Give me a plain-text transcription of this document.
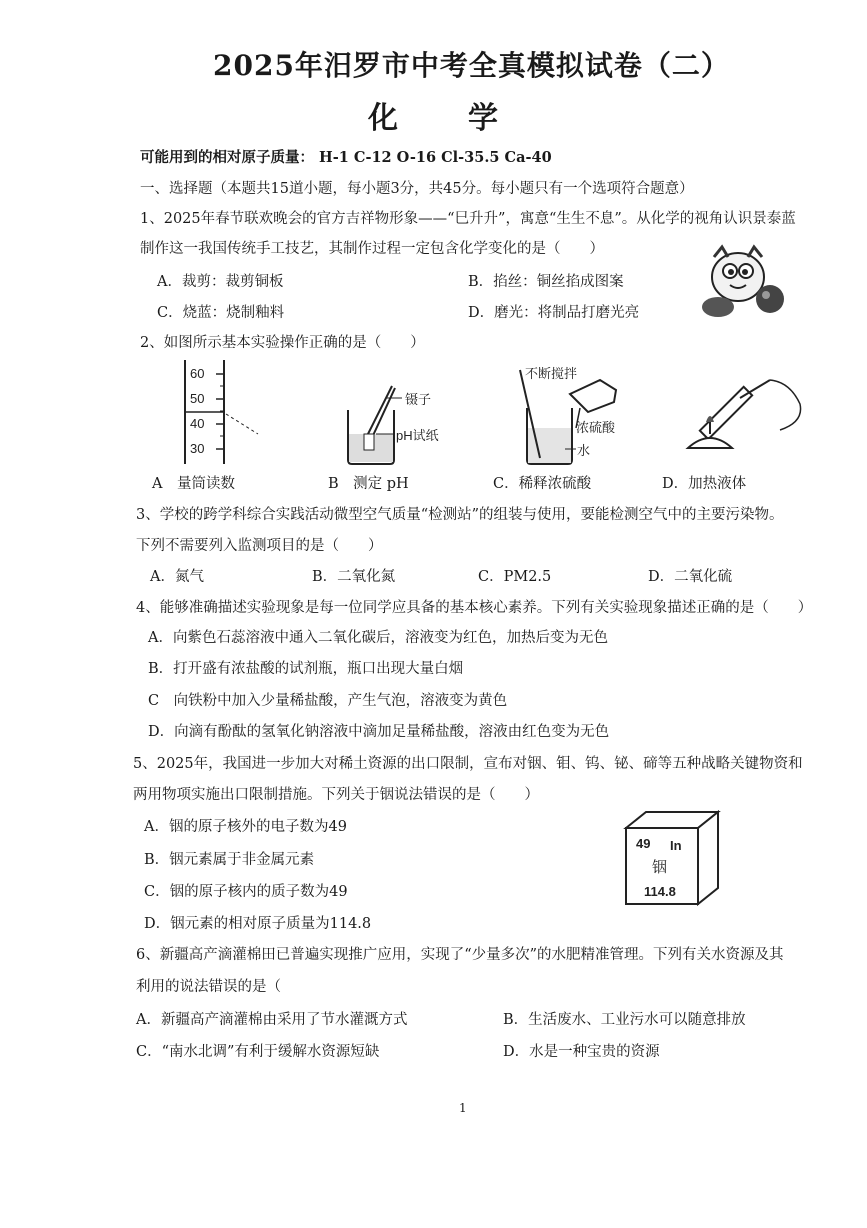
2025年汨罗市中考全真模拟试卷（二）
化 学
可能用到的相对原子质量： H-1 C-12 O-16 Cl-35.5 Ca-40
一、选择题（本题共15道小题，每小题3分，共45分。每小题只有一个选项符合题意）
1、2025年春节联欢晚会的官方吉祥物形象——“巳升升”，寓意“生生不息”。从化学的视角认识景泰蓝
制作这一我国传统手工技艺，其制作过程一定包含化学变化的是（　　）
A．裁剪：裁剪铜板	B．掐丝：铜丝掐成图案
C．烧蓝：烧制釉料	D．磨光：将制品打磨光亮
2、如图所示基本实验操作正确的是（　　）
60
50
40
30
镊子
pH试纸
不断搅拌
浓硫酸
水
A　量筒读数	B　测定 pH	C．稀释浓硫酸	D．加热液体
3、学校的跨学科综合实践活动微型空气质量“检测站”的组装与使用，要能检测空气中的主要污染物。
下列不需要列入监测项目的是（　　）
A．氮气	B．二氧化氮	C．PM2.5	D．二氧化硫
4、能够准确描述实验现象是每一位同学应具备的基本核心素养。下列有关实验现象描述正确的是（　　）
A．向紫色石蕊溶液中通入二氧化碳后，溶液变为红色，加热后变为无色
B．打开盛有浓盐酸的试剂瓶，瓶口出现大量白烟
C　向铁粉中加入少量稀盐酸，产生气泡，溶液变为黄色
D．向滴有酚酞的氢氧化钠溶液中滴加足量稀盐酸，溶液由红色变为无色
5、2025年，我国进一步加大对稀土资源的出口限制，宣布对铟、钼、钨、铋、碲等五种战略关键物资和
两用物项实施出口限制措施。下列关于铟说法错误的是（　　）
A．铟的原子核外的电子数为49
B．铟元素属于非金属元素
C．铟的原子核内的质子数为49
D．铟元素的相对原子质量为114.8
49 In
铟
114.8
6、新疆高产滴灌棉田已普遍实现推广应用，实现了“少量多次”的水肥精准管理。下列有关水资源及其
利用的说法错误的是（
A．新疆高产滴灌棉由采用了节水灌溉方式	B．生活废水、工业污水可以随意排放
C．“南水北调”有利于缓解水资源短缺	D．水是一种宝贵的资源
1
